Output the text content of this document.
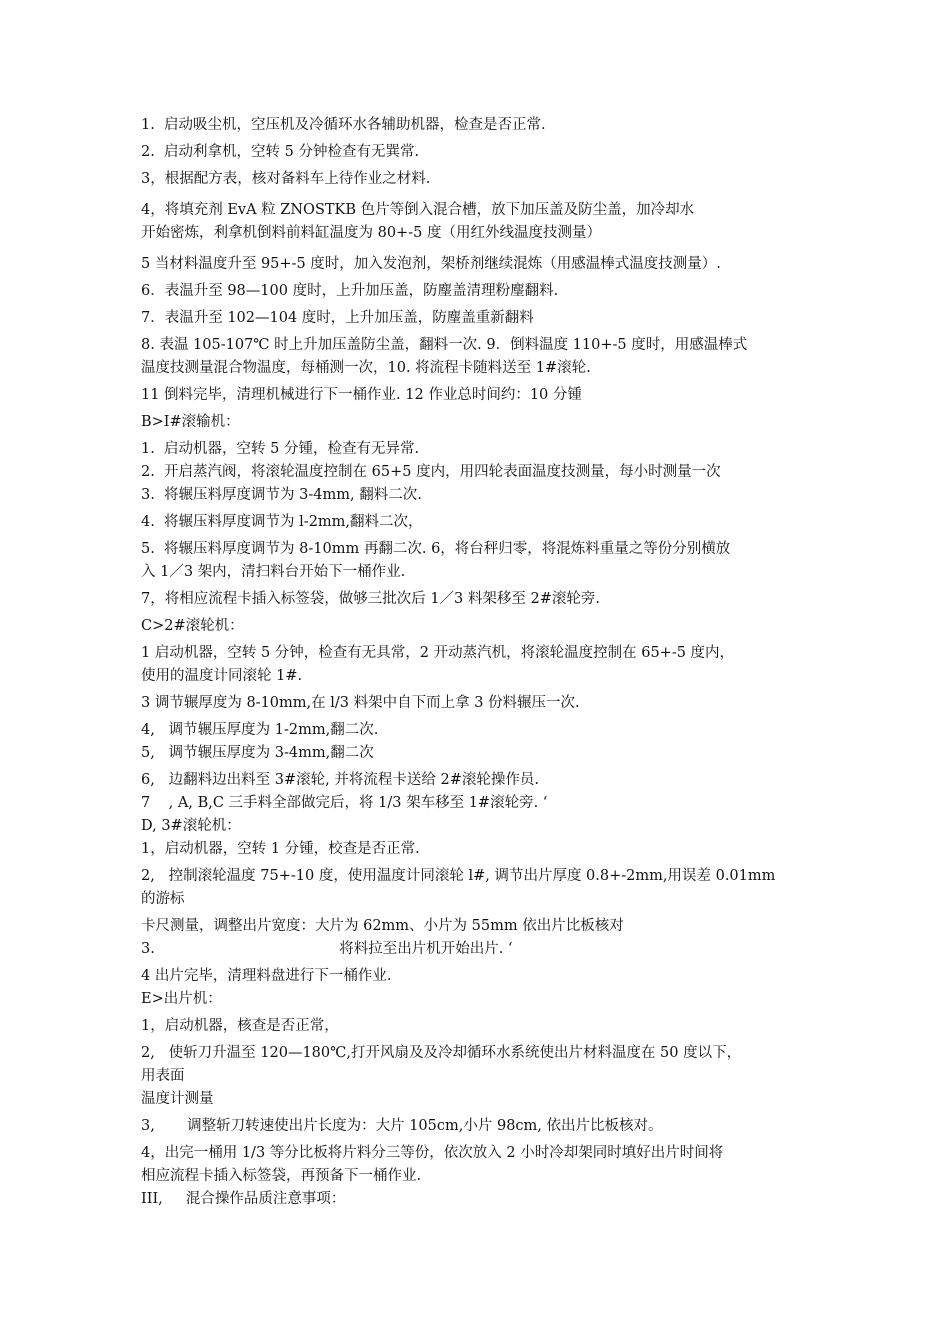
1.  启动吸尘机，空压机及冷循环水各辅助机器，检查是否正常.

2.  启动利拿机，空转 5 分钟检查有无巽常.

3，根据配方表，核对备料车上待作业之材料.

4，将填充剂 EvA 粒 ZNOSTKB 色片等倒入混合槽，放下加压盖及防尘盖，加冷却水

开始密炼，利拿机倒料前料缸温度为 80+-5 度（用红外线温度技测量）

5 当材料温度升至 95+-5 度时，加入发泡剂，架桥剂继续混炼（用感温棒式温度技测量）.

6．表温升至 98—100 度时，上升加压盖，防麈盖清理粉麈翻料.

7．表温升至 102—104 度时，上升加压盖，防麈盖重新翻料

8. 表温 105-107℃ 时上升加压盖防尘盖，翻料一次. 9．倒料温度 110+-5 度时，用感温棒式

温度技测量混合物温度，每桶测一次，10. 将流程卡随料送至 1#滚轮.

11 倒料完毕，清理机械进行下一桶作业. 12 作业总时间约：10 分锺

B>I#滚输机：

1.  启动机器，空转 5 分锺，检查有无异常.

2.  开启蒸汽阀，将滚轮温度控制在 65+5 度内，用四轮表面温度技测量，每小时测量一次

3.  将辗压料厚度调节为 3-4mm, 翻料二次.

4.  将辗压料厚度调节为 l-2mm,翻料二次，

5.  将辗压料厚度调节为 8-10mm 再翻二次. 6，将台秤归零，将混炼料重量之等份分别横放

入 1／3 架内，清扫料台开始下一桶作业.

7，将相应流程卡插入标签袋，做够三批次后 1／3 料架移至 2#滚轮旁.

C>2#滚轮机：

1 启动机器，空转 5 分钟，检查有无具常，2 开动蒸汽机，将滚轮温度控制在 65+-5 度内，

使用的温度计同滚轮 1#.

3 调节辗厚度为 8-10mm,在 l/3 料架中自下而上拿 3 份料辗压一次.

4,   调节辗压厚度为 1-2mm,翻二次.

5,   调节辗压厚度为 3-4mm,翻二次

6,   边翻料边出料至 3#滚轮, 并将流程卡送给 2#滚轮操作员.

7    , A, B,C 三手料全部做完后，将 1/3 架车移至 1#滚轮旁. ‘

D, 3#滚轮机：

1，启动机器，空转 1 分锺，校查是否正常.

2,   控制滚轮温度 75+-10 度，使用温度计同滚轮 l#, 调节出片厚度 0.8+-2mm,用误差 0.01mm

的游标

卡尺测量，调整出片宽度：大片为 62mm、小片为 55mm 依出片比板核对

3.                                        将料拉至出片机开始出片. ‘

4 出片完毕，清理料盘进行下一桶作业.

E>出片机：

1，启动机器，核查是否正常，

2,   使斩刀升温至 120—180℃,打开风扇及及冷却循环水系统使出片材料温度在 50 度以下，

用表面

温度计测量

3,       调整斩刀转速使出片长度为：大片 105cm,小片 98cm, 依出片比板核对。

4，出完一桶用 1/3 等分比板将片料分三等份，依次放入 2 小时冷却架同时填好出片时间将

相应流程卡插入标签袋，再预备下一桶作业.

III,     混合操作品质注意事项：
